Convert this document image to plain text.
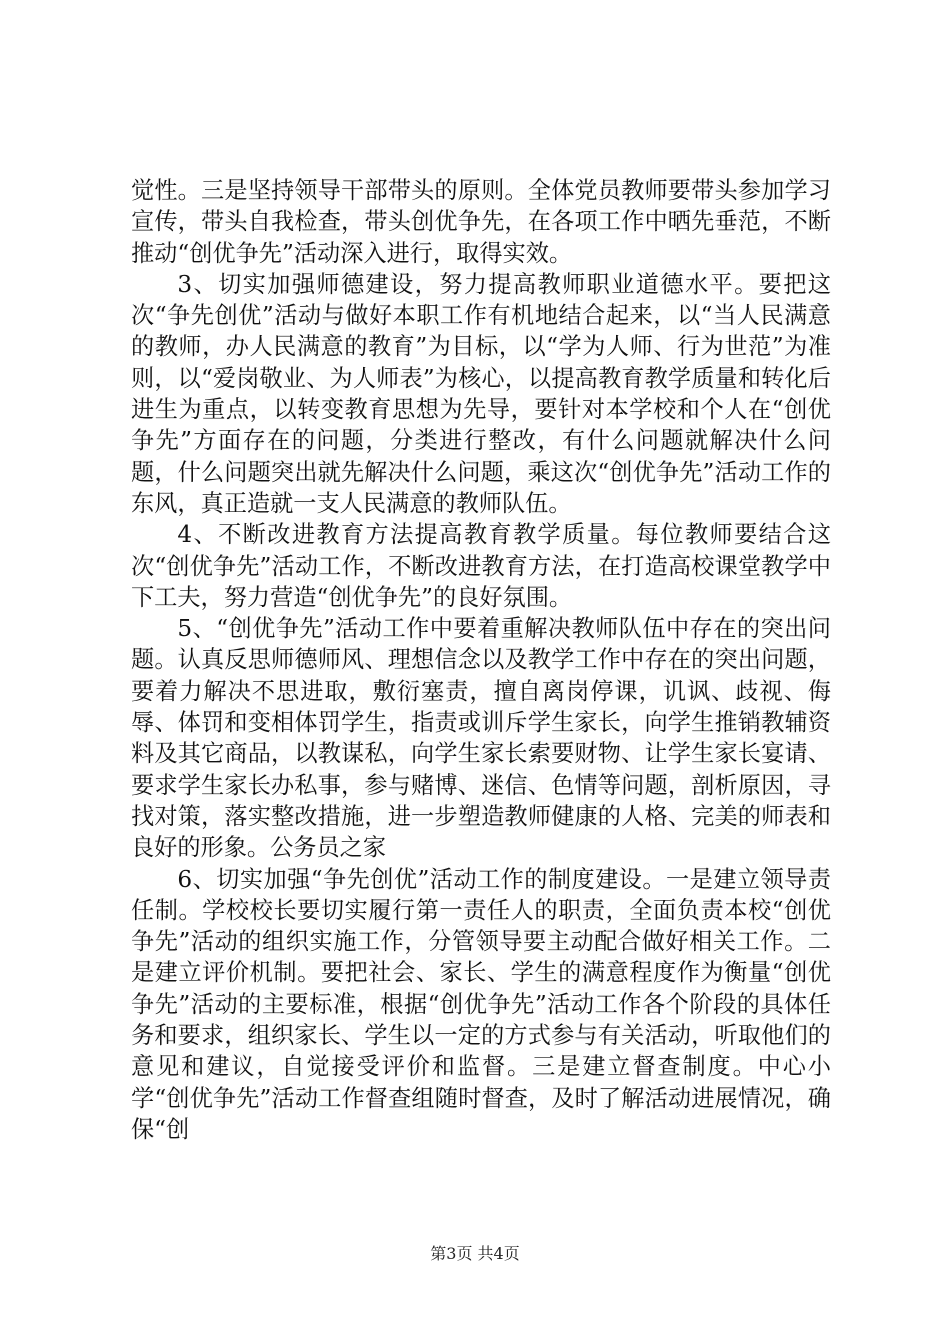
觉性。三是坚持领导干部带头的原则。全体党员教师要带头参加学习宣传，带头自我检查，带头创优争先，在各项工作中晒先垂范，不断推动“创优争先”活动深入进行，取得实效。

3、切实加强师德建设，努力提高教师职业道德水平。要把这次“争先创优”活动与做好本职工作有机地结合起来，以“当人民满意的教师，办人民满意的教育”为目标，以“学为人师、行为世范”为准则，以“爱岗敬业、为人师表”为核心，以提高教育教学质量和转化后进生为重点，以转变教育思想为先导，要针对本学校和个人在“创优争先”方面存在的问题，分类进行整改，有什么问题就解决什么问题，什么问题突出就先解决什么问题，乘这次“创优争先”活动工作的东风，真正造就一支人民满意的教师队伍。

4、不断改进教育方法提高教育教学质量。每位教师要结合这次“创优争先”活动工作，不断改进教育方法，在打造高校课堂教学中下工夫，努力营造“创优争先”的良好氛围。

5、“创优争先”活动工作中要着重解决教师队伍中存在的突出问题。认真反思师德师风、理想信念以及教学工作中存在的突出问题，要着力解决不思进取，敷衍塞责，擅自离岗停课，讥讽、歧视、侮辱、体罚和变相体罚学生，指责或训斥学生家长，向学生推销教辅资料及其它商品，以教谋私，向学生家长索要财物、让学生家长宴请、要求学生家长办私事，参与赌博、迷信、色情等问题，剖析原因，寻找对策，落实整改措施，进一步塑造教师健康的人格、完美的师表和良好的形象。公务员之家

6、切实加强“争先创优”活动工作的制度建设。一是建立领导责任制。学校校长要切实履行第一责任人的职责，全面负责本校“创优争先”活动的组织实施工作，分管领导要主动配合做好相关工作。二是建立评价机制。要把社会、家长、学生的满意程度作为衡量“创优争先”活动的主要标准，根据“创优争先”活动工作各个阶段的具体任务和要求，组织家长、学生以一定的方式参与有关活动，听取他们的意见和建议，自觉接受评价和监督。三是建立督查制度。中心小学“创优争先”活动工作督查组随时督查，及时了解活动进展情况，确保“创

第3页 共4页
